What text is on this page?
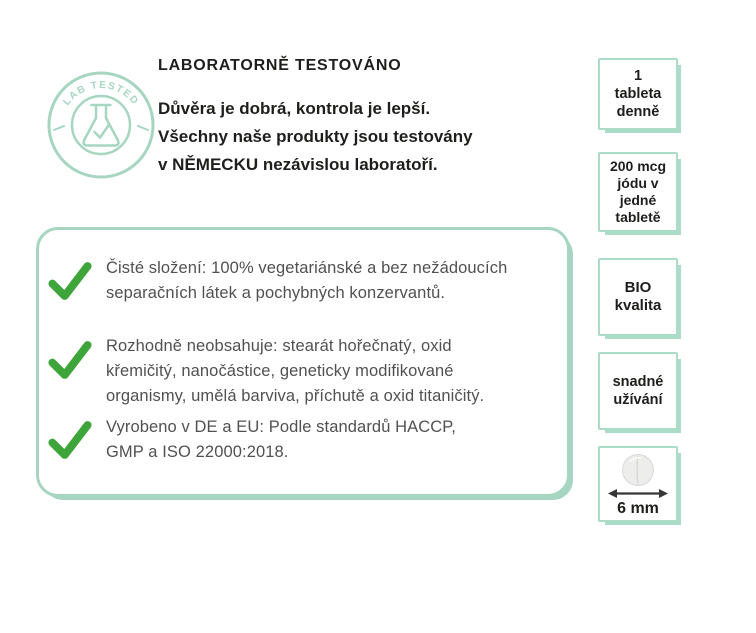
LAB TESTED
LABORATORNĚ TESTOVÁNO

Důvěra je dobrá, kontrola je lepší.
Všechny naše produkty jsou testovány
v NĚMECKU nezávislou laboratoří.

Čisté složení: 100% vegetariánské a bez nežádoucích
separačních látek a pochybných konzervantů.

Rozhodně neobsahuje: stearát hořečnatý, oxid
křemičitý, nanočástice, geneticky modifikované
organismy, umělá barviva, příchutě a oxid titaničitý.

Vyrobeno v DE a EU: Podle standardů HACCP,
GMP a ISO 22000:2018.

1
tableta
denně
200 mcg
jódu v
jedné
tabletě
BIO
kvalita
snadné
užívání
6 mm
